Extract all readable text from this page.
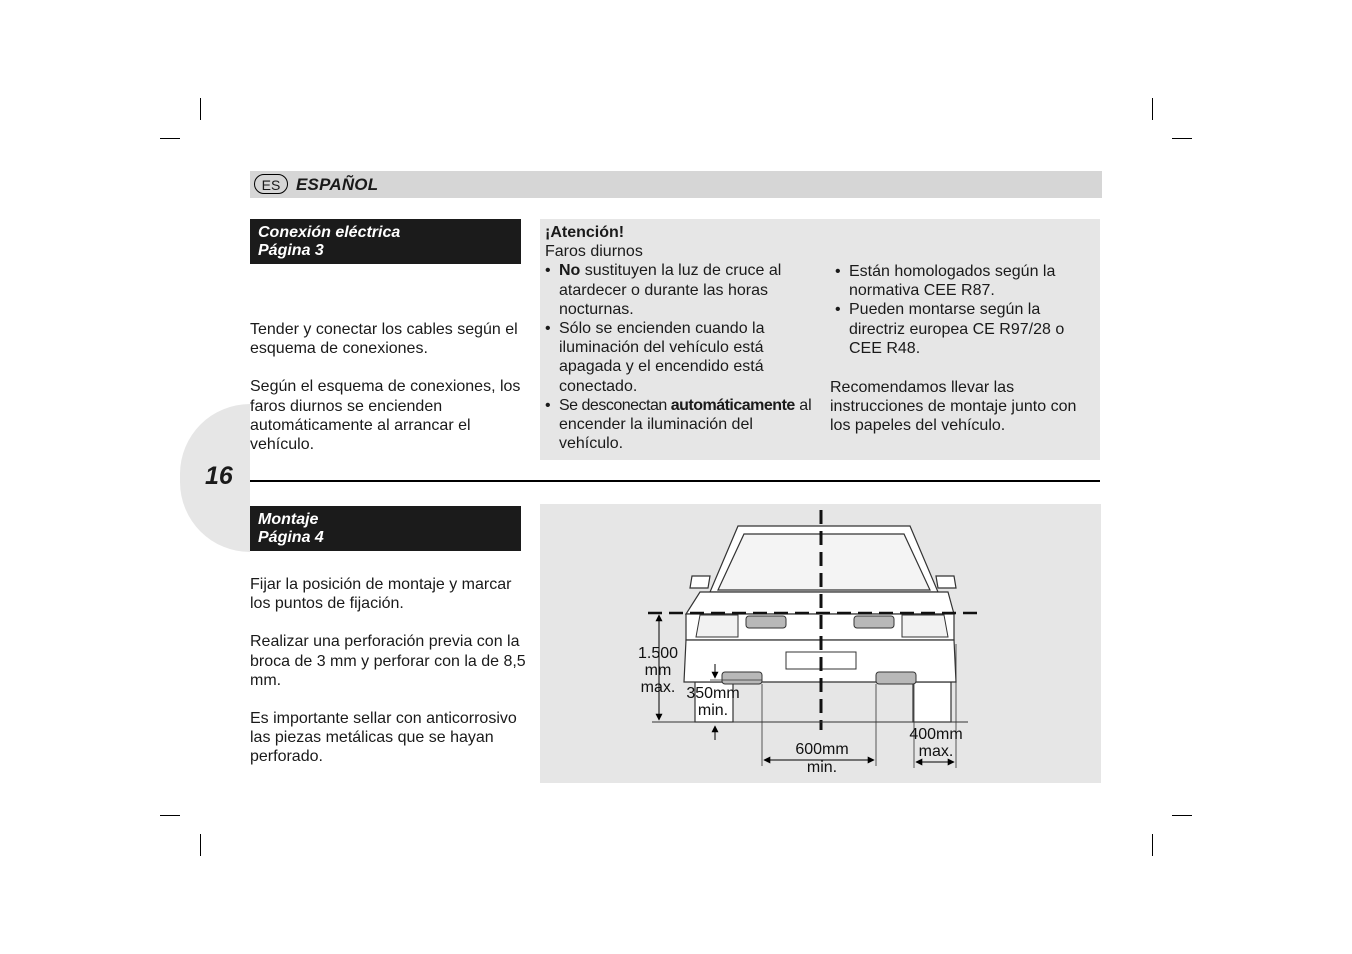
ES ESPAÑOL
16
Conexión eléctrica
Página 3

Tender y conectar los cables según el esquema de conexiones.

Según el esquema de conexiones, los faros diurnos se encienden automáticamente al arrancar el vehículo.

¡Atención!
Faros diurnos
• No sustituyen la luz de cruce al atardecer o durante las horas nocturnas.
• Sólo se encienden cuando la iluminación del vehículo está apagada y el encendido está conectado.
• Se desconectan automáticamente al encender la iluminación del vehículo.
• Están homologados según la normativa CEE R87.
• Pueden montarse según la directriz europea CE R97/28 o CEE R48.
Recomendamos llevar las instrucciones de montaje junto con los papeles del vehículo.
Montaje
Página 4

Fijar la posición de montaje y marcar los puntos de fijación.

Realizar una perforación previa con la broca de 3 mm y perforar con la de 8,5 mm.

Es importante sellar con anticorrosivo las piezas metálicas que se hayan perforado.

1.500
mm
max. 350mm
min.
600mm
min.
400mm
max.
